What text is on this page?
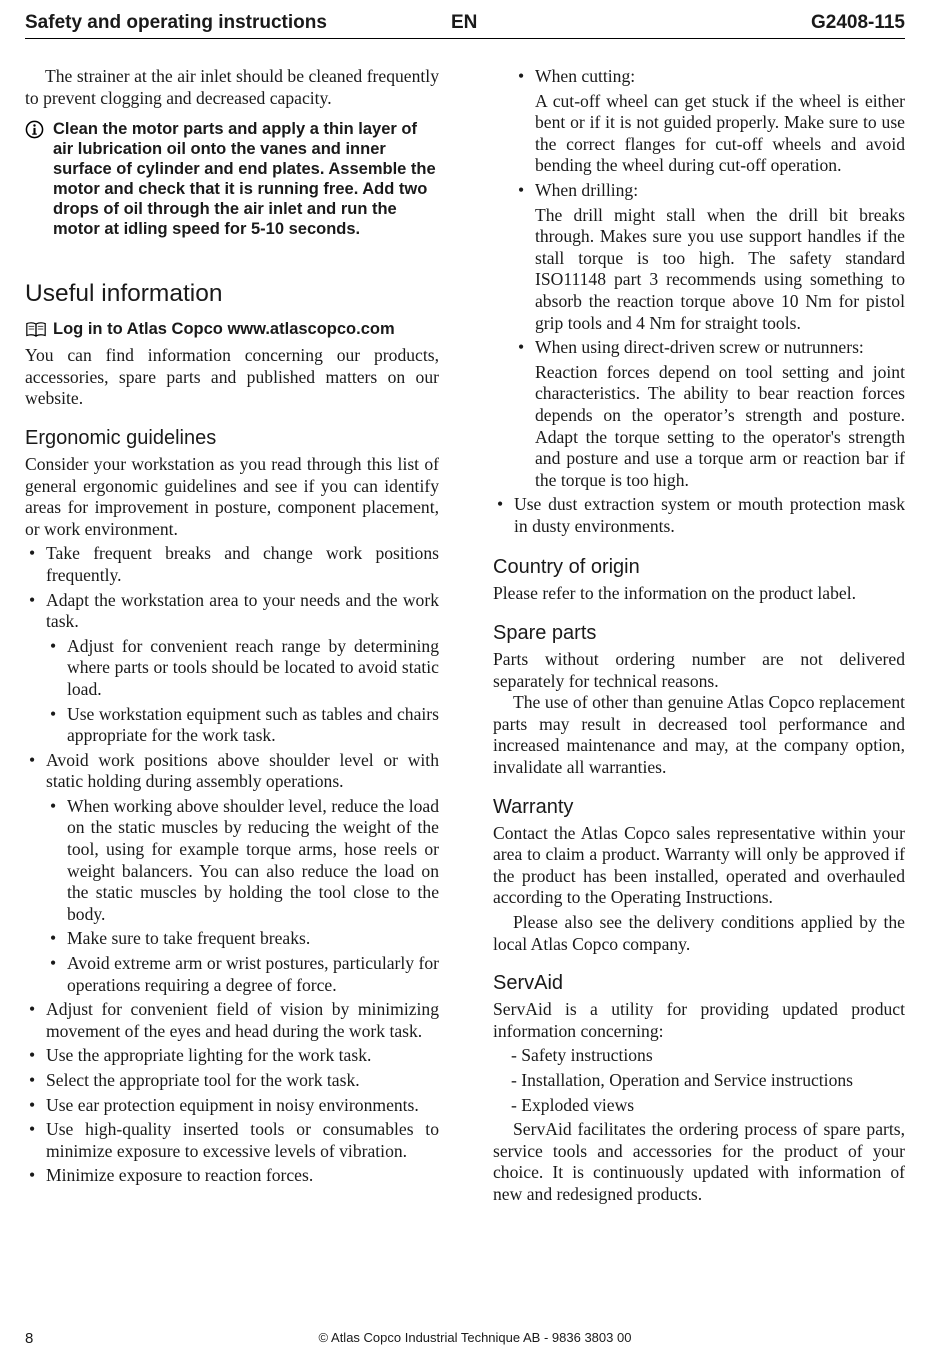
Safety and operating instructions	EN	G2408-115

The strainer at the air inlet should be cleaned frequently to prevent clogging and decreased capacity.

Clean the motor parts and apply a thin layer of air lubrication oil onto the vanes and inner surface of cylinder and end plates. Assemble the motor and check that it is running free. Add two drops of oil through the air inlet and run the motor at idling speed for 5-10 seconds.
Useful information
Log in to Atlas Copco www.atlascopco.com

You can find information concerning our products, accessories, spare parts and published matters on our website.

Ergonomic guidelines

Consider your workstation as you read through this list of general ergonomic guidelines and see if you can identify areas for improvement in posture, component placement, or work environment.

• Take frequent breaks and change work positions frequently.
• Adapt the workstation area to your needs and the work task.
• Adjust for convenient reach range by determining where parts or tools should be located to avoid static load.
• Use workstation equipment such as tables and chairs appropriate for the work task.
• Avoid work positions above shoulder level or with static holding during assembly operations.
• When working above shoulder level, reduce the load on the static muscles by reducing the weight of the tool, using for example torque arms, hose reels or weight balancers. You can also reduce the load on the static muscles by holding the tool close to the body.
• Make sure to take frequent breaks.
• Avoid extreme arm or wrist postures, particularly for operations requiring a degree of force.
• Adjust for convenient field of vision by minimizing movement of the eyes and head during the work task.
• Use the appropriate lighting for the work task.
• Select the appropriate tool for the work task.
• Use ear protection equipment in noisy environments.
• Use high-quality inserted tools or consumables to minimize exposure to excessive levels of vibration.
• Minimize exposure to reaction forces.
• When cutting:

A cut-off wheel can get stuck if the wheel is either bent or if it is not guided properly. Make sure to use the correct flanges for cut-off wheels and avoid bending the wheel during cut-off operation.

• When drilling:

The drill might stall when the drill bit breaks through. Makes sure you use support handles if the stall torque is too high. The safety standard ISO11148 part 3 recommends using something to absorb the reaction torque above 10 Nm for pistol grip tools and 4 Nm for straight tools.

• When using direct-driven screw or nutrunners:

Reaction forces depend on tool setting and joint characteristics. The ability to bear reaction forces depends on the operator’s strength and posture. Adapt the torque setting to the operator's strength and posture and use a torque arm or reaction bar if the torque is too high.

• Use dust extraction system or mouth protection mask in dusty environments.
Country of origin

Please refer to the information on the product label.

Spare parts

Parts without ordering number are not delivered separately for technical reasons.

The use of other than genuine Atlas Copco replacement parts may result in decreased tool performance and increased maintenance and may, at the company option, invalidate all warranties.

Warranty

Contact the Atlas Copco sales representative within your area to claim a product. Warranty will only be approved if the product has been installed, operated and overhauled according to the Operating Instructions.

Please also see the delivery conditions applied by the local Atlas Copco company.

ServAid

ServAid is a utility for providing updated product information concerning:

- Safety instructions
- Installation, Operation and Service instructions
- Exploded views

ServAid facilitates the ordering process of spare parts, service tools and accessories for the product of your choice. It is continuously updated with information of new and redesigned products.

8	© Atlas Copco Industrial Technique AB - 9836 3803 00
